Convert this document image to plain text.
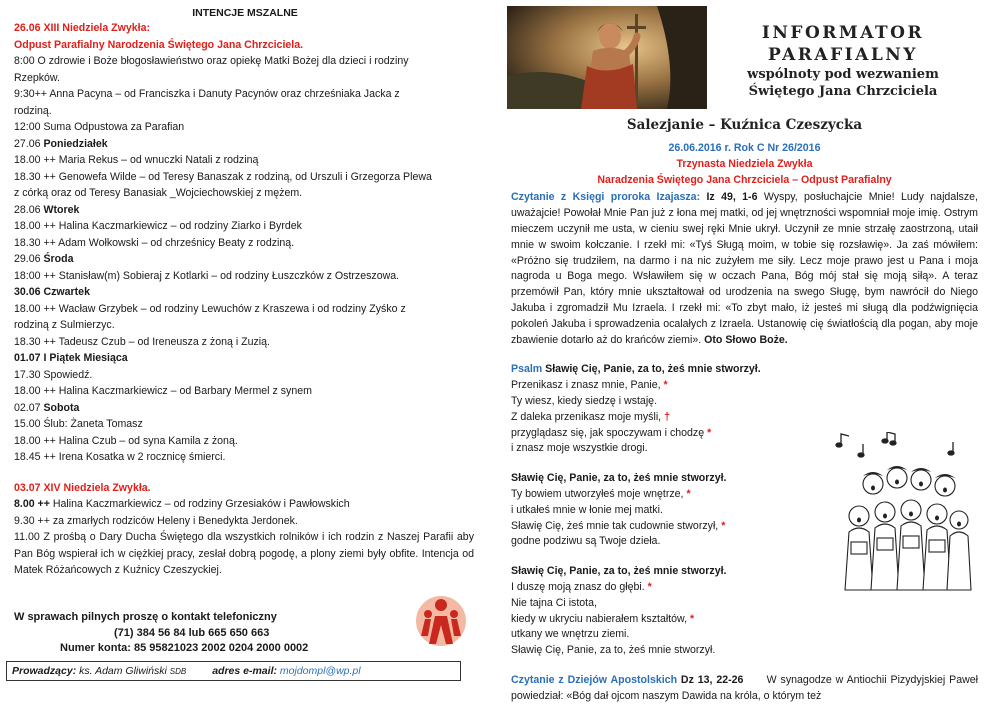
INTENCJE MSZALNE

26.06 XIII Niedziela Zwykła:

Odpust Parafialny Narodzenia Świętego Jana Chrzciciela.

8:00 O zdrowie i Boże błogosławieństwo oraz opiekę Matki Bożej dla dzieci i rodziny

Rzepków.

9:30++ Anna Pacyna – od Franciszka i Danuty Pacynów oraz chrześniaka Jacka z

rodziną.

12:00 Suma Odpustowa za Parafian

27.06 Poniedziałek

18.00 ++ Maria Rekus – od wnuczki Natali z rodziną

18.30 ++ Genowefa Wilde – od Teresy Banaszak z rodziną, od Urszuli i Grzegorza Plewa

z córką oraz od Teresy Banasiak _Wojciechowskiej z mężem.

28.06 Wtorek

18.00 ++ Halina Kaczmarkiewicz – od rodziny Ziarko i Byrdek

18.30 ++ Adam Wołkowski – od chrześnicy Beaty z rodziną.

29.06 Środa

18:00 ++ Stanisław(m) Sobieraj z Kotlarki – od rodziny Łuszczków z Ostrzeszowa.

30.06 Czwartek

18.00 ++ Wacław Grzybek – od rodziny Lewuchów z Kraszewa i od rodziny Zyśko z

rodziną z Sulmierzyc.

18.30 ++ Tadeusz Czub – od Ireneusza z żoną i Zuzią.

01.07 I Piątek Miesiąca

17.30 Spowiedź.

18.00 ++ Halina Kaczmarkiewicz – od Barbary Mermel z synem

02.07 Sobota

15.00 Ślub: Żaneta Tomasz

18.00 ++ Halina Czub – od syna Kamila z żoną.

18.45 ++ Irena Kosatka w 2 rocznicę śmierci.

03.07 XIV Niedziela Zwykła.

8.00 ++ Halina Kaczmarkiewicz – od rodziny Grzesiaków i Pawłowskich

9.30 ++ za zmarłych rodziców Heleny i Benedykta Jerdonek.

11.00 Z prośbą o Dary Ducha Świętego dla wszystkich rolników i ich rodzin z Naszej Parafii aby Pan Bóg wspierał ich w ciężkiej pracy, zesłał dobrą pogodę, a plony ziemi były obfite. Intencja od Matek Różańcowych z Kuźnicy Czeszyckiej.

W sprawach pilnych proszę o kontakt telefoniczny

(71) 384 56 84 lub 665 650 663

Numer konta: 85 95821023 2002 0204 2000 0002

Prowadzący: ks. Adam Gliwiński SDB adres e-mail: mojdompl@wp.pl

INFORMATOR

PARAFIALNY

wspólnoty pod wezwaniem

Świętego Jana Chrzciciela

Salezjanie – Kuźnica Czeszycka

26.06.2016 r. Rok C Nr 26/2016

Trzynasta Niedziela Zwykła

Naradzenia Świętego Jana Chrzciciela – Odpust Parafialny

Czytanie z Księgi proroka Izajasza: Iz 49, 1-6 Wyspy, posłuchajcie Mnie! Ludy najdalsze, uważajcie! Powołał Mnie Pan już z łona mej matki, od jej wnętrzności wspomniał moje imię. Ostrym mieczem uczynił me usta, w cieniu swej ręki Mnie ukrył. Uczynił ze mnie strzałę zaostrzoną, utaił mnie w swoim kołczanie. I rzekł mi: «Tyś Sługą moim, w tobie się rozsławię». Ja zaś mówiłem: «Próżno się trudziłem, na darmo i na nic zużyłem me siły. Lecz moje prawo jest u Pana i moja nagroda u Boga mego. Wsławiłem się w oczach Pana, Bóg mój stał się moją siłą». A teraz przemówił Pan, który mnie ukształtował od urodzenia na swego Sługę, bym nawrócił do Niego Jakuba i zgromadził Mu Izraela. I rzekł mi: «To zbyt mało, iż jesteś mi sługą dla podźwignięcia pokoleń Jakuba i sprowadzenia ocalałych z Izraela. Ustanowię cię światłością dla pogan, aby moje zbawienie dotarło aż do krańców ziemi». Oto Słowo Boże.

Psalm Sławię Cię, Panie, za to, żeś mnie stworzył.

Przenikasz i znasz mnie, Panie, *

Ty wiesz, kiedy siedzę i wstaję.

Z daleka przenikasz moje myśli, †

przyglądasz się, jak spoczywam i chodzę *

i znasz moje wszystkie drogi.

Sławię Cię, Panie, za to, żeś mnie stworzył.

Ty bowiem utworzyłeś moje wnętrze, *

i utkałeś mnie w łonie mej matki.

Sławię Cię, żeś mnie tak cudownie stworzył, *

godne podziwu są Twoje dzieła.

Sławię Cię, Panie, za to, żeś mnie stworzył.

I duszę moją znasz do głębi. *

Nie tajna Ci istota,

kiedy w ukryciu nabierałem kształtów, *

utkany we wnętrzu ziemi.

Sławię Cię, Panie, za to, żeś mnie stworzył.

Czytanie z Dziejów Apostolskich Dz 13, 22-26      W synagodze w Antiochii Pizydyjskiej Paweł powiedział: «Bóg dał ojcom naszym Dawida na króla, o którym też
